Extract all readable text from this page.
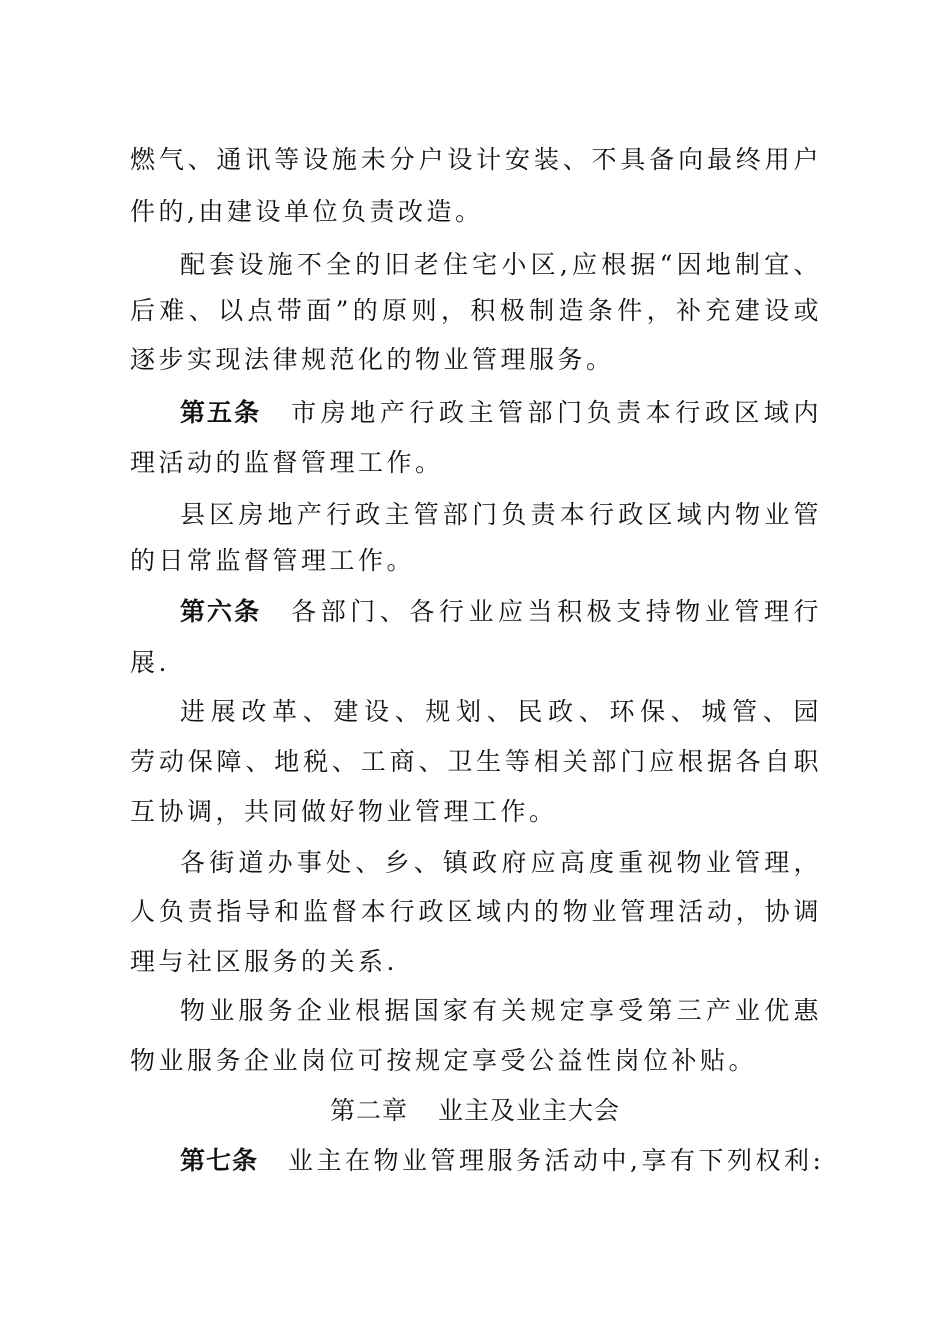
燃气、通讯等设施未分户设计安装、不具备向最终用户
件的,由建设单位负责改造。
配套设施不全的旧老住宅小区,应根据“因地制宜、
后难、以点带面”的原则，积极制造条件，补充建设或
逐步实现法律规范化的物业管理服务。
第五条 市房地产行政主管部门负责本行政区域内
理活动的监督管理工作。
县区房地产行政主管部门负责本行政区域内物业管
的日常监督管理工作。
第六条 各部门、各行业应当积极支持物业管理行
展.
进展改革、建设、规划、民政、环保、城管、园
劳动保障、地税、工商、卫生等相关部门应根据各自职
互协调，共同做好物业管理工作。
各街道办事处、乡、镇政府应高度重视物业管理，
人负责指导和监督本行政区域内的物业管理活动，协调
理与社区服务的关系.
物业服务企业根据国家有关规定享受第三产业优惠
物业服务企业岗位可按规定享受公益性岗位补贴。
第二章 业主及业主大会
第七条 业主在物业管理服务活动中,享有下列权利:
